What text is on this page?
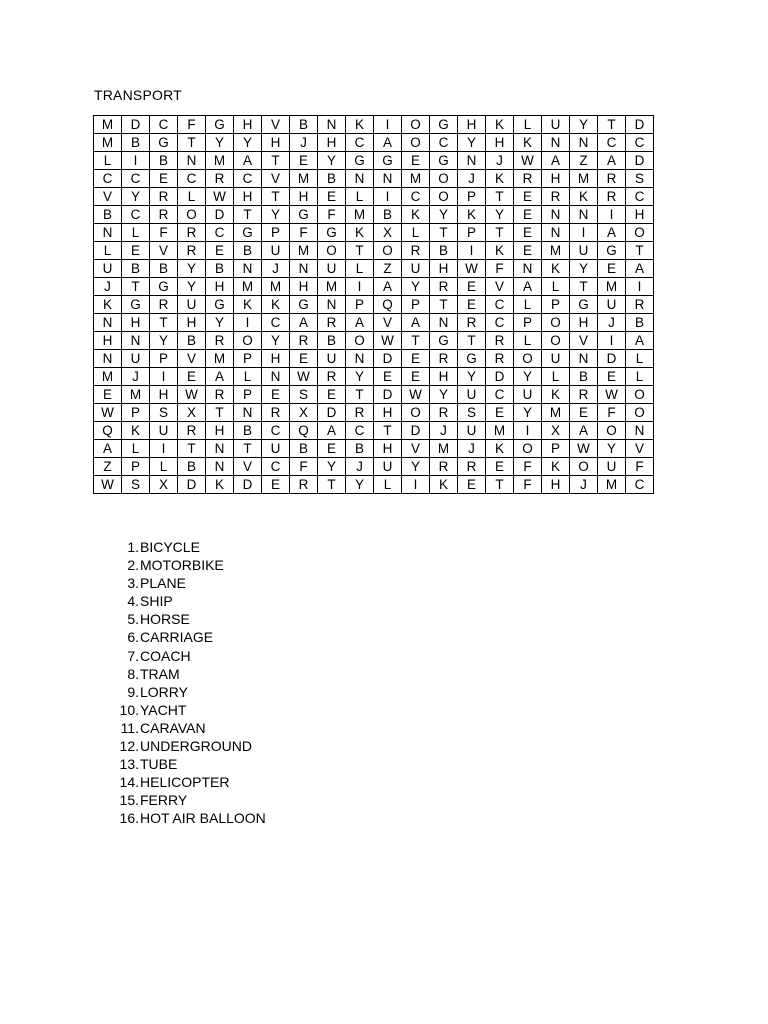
TRANSPORT
M	D	C	F	G	H	V	B	N	K	I	O	G	H	K	L	U	Y	T	D
M	B	G	T	Y	Y	H	J	H	C	A	O	C	Y	H	K	N	N	C	C
L	I	B	N	M	A	T	E	Y	G	G	E	G	N	J	W	A	Z	A	D
C	C	E	C	R	C	V	M	B	N	N	M	O	J	K	R	H	M	R	S
V	Y	R	L	W	H	T	H	E	L	I	C	O	P	T	E	R	K	R	C
B	C	R	O	D	T	Y	G	F	M	B	K	Y	K	Y	E	N	N	I	H
N	L	F	R	C	G	P	F	G	K	X	L	T	P	T	E	N	I	A	O
L	E	V	R	E	B	U	M	O	T	O	R	B	I	K	E	M	U	G	T
U	B	B	Y	B	N	J	N	U	L	Z	U	H	W	F	N	K	Y	E	A
J	T	G	Y	H	M	M	H	M	I	A	Y	R	E	V	A	L	T	M	I
K	G	R	U	G	K	K	G	N	P	Q	P	T	E	C	L	P	G	U	R
N	H	T	H	Y	I	C	A	R	A	V	A	N	R	C	P	O	H	J	B
H	N	Y	B	R	O	Y	R	B	O	W	T	G	T	R	L	O	V	I	A
N	U	P	V	M	P	H	E	U	N	D	E	R	G	R	O	U	N	D	L
M	J	I	E	A	L	N	W	R	Y	E	E	H	Y	D	Y	L	B	E	L
E	M	H	W	R	P	E	S	E	T	D	W	Y	U	C	U	K	R	W	O
W	P	S	X	T	N	R	X	D	R	H	O	R	S	E	Y	M	E	F	O
Q	K	U	R	H	B	C	Q	A	C	T	D	J	U	M	I	X	A	O	N
A	L	I	T	N	T	U	B	E	B	H	V	M	J	K	O	P	W	Y	V
Z	P	L	B	N	V	C	F	Y	J	U	Y	R	R	E	F	K	O	U	F
W	S	X	D	K	D	E	R	T	Y	L	I	K	E	T	F	H	J	M	C
1.BICYCLE
2.MOTORBIKE
3.PLANE
4.SHIP
5.HORSE
6.CARRIAGE
7.COACH
8.TRAM
9.LORRY
10.YACHT
11.CARAVAN
12.UNDERGROUND
13.TUBE
14.HELICOPTER
15.FERRY
16.HOT AIR BALLOON
